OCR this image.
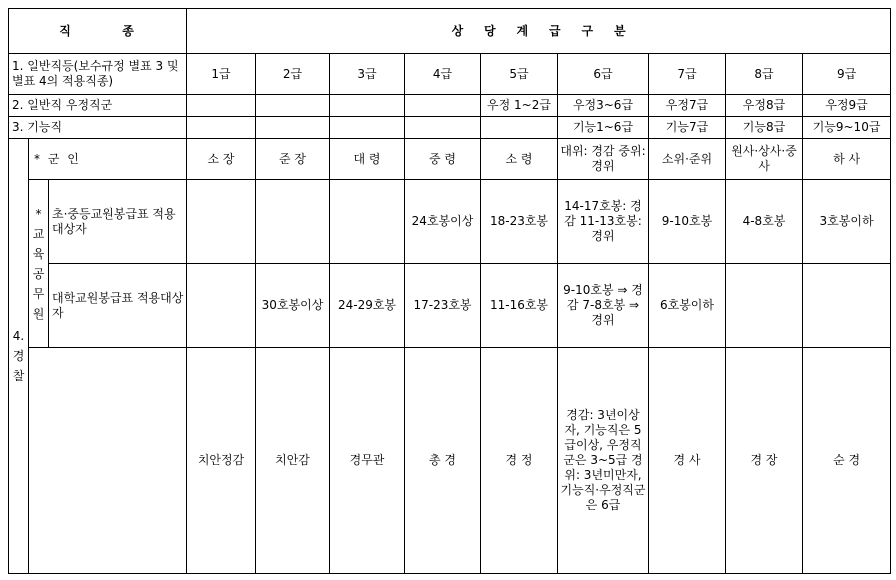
직        종			상     당     계     급     구     분								
1. 일반직등(보수규정 별표 3 및 별표 4의 적용직종)			1급	2급	3급	4급	5급	6급	7급	8급	9급
2. 일반직 우정직군							우정 1~2급	우정3~6급	우정7급	우정8급	우정9급
3. 기능직								기능1~6급	기능7급	기능8급	기능9~10급
4. 경 찰	* 군 인		소 장	준 장	대 령	중 령	소 령	대위: 경감 중위: 경위	소위·준위	원사·상사·중사	하 사
	* 교육공무원	초·중등교원봉급표 적용대상자				24호봉이상	18-23호봉	14-17호봉: 경감 11-13호봉: 경위	9-10호봉	4-8호봉	3호봉이하
		대학교원봉급표 적용대상자		30호봉이상	24-29호봉	17-23호봉	11-16호봉	9-10호봉 ⇒ 경감 7-8호봉 ⇒ 경위	6호봉이하		
			치안정감	치안감	경무관	총 경	경 정	경감: 3년이상자, 기능직은 5급이상, 우정직군은 3~5급 경위: 3년미만자, 기능직·우정직군은 6급	경 사	경 장	순 경
